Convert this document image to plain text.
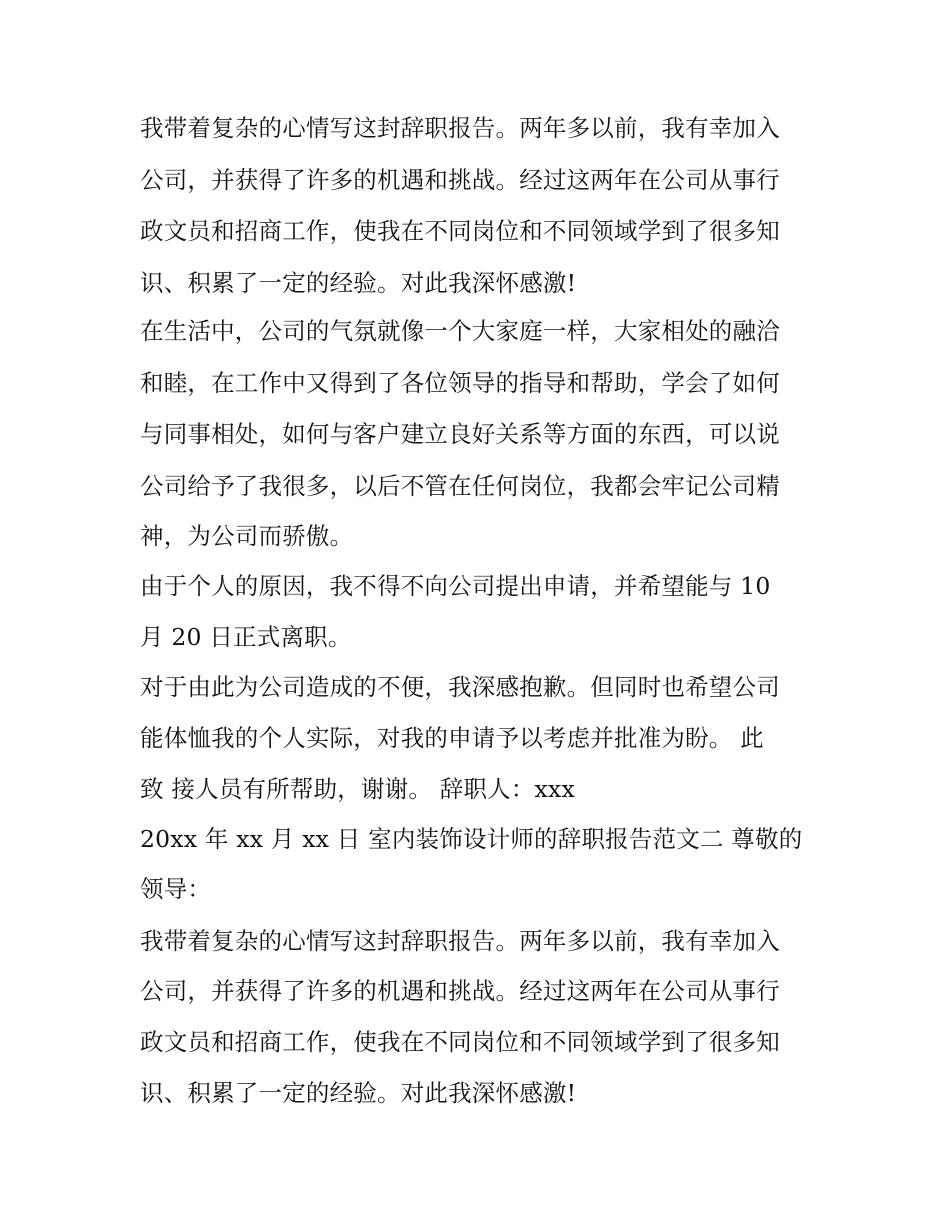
我带着复杂的心情写这封辞职报告。两年多以前，我有幸加入
公司，并获得了许多的机遇和挑战。经过这两年在公司从事行
政文员和招商工作，使我在不同岗位和不同领域学到了很多知
识、积累了一定的经验。对此我深怀感激!
在生活中，公司的气氛就像一个大家庭一样，大家相处的融洽
和睦，在工作中又得到了各位领导的指导和帮助，学会了如何
与同事相处，如何与客户建立良好关系等方面的东西，可以说
公司给予了我很多，以后不管在任何岗位，我都会牢记公司精
神，为公司而骄傲。
由于个人的原因，我不得不向公司提出申请，并希望能与 10
月 20 日正式离职。
对于由此为公司造成的不便，我深感抱歉。但同时也希望公司
能体恤我的个人实际，对我的申请予以考虑并批准为盼。 此
致 接人员有所帮助，谢谢。 辞职人：xxx
20xx 年 xx 月 xx 日 室内装饰设计师的辞职报告范文二 尊敬的
领导：
我带着复杂的心情写这封辞职报告。两年多以前，我有幸加入
公司，并获得了许多的机遇和挑战。经过这两年在公司从事行
政文员和招商工作，使我在不同岗位和不同领域学到了很多知
识、积累了一定的经验。对此我深怀感激!
